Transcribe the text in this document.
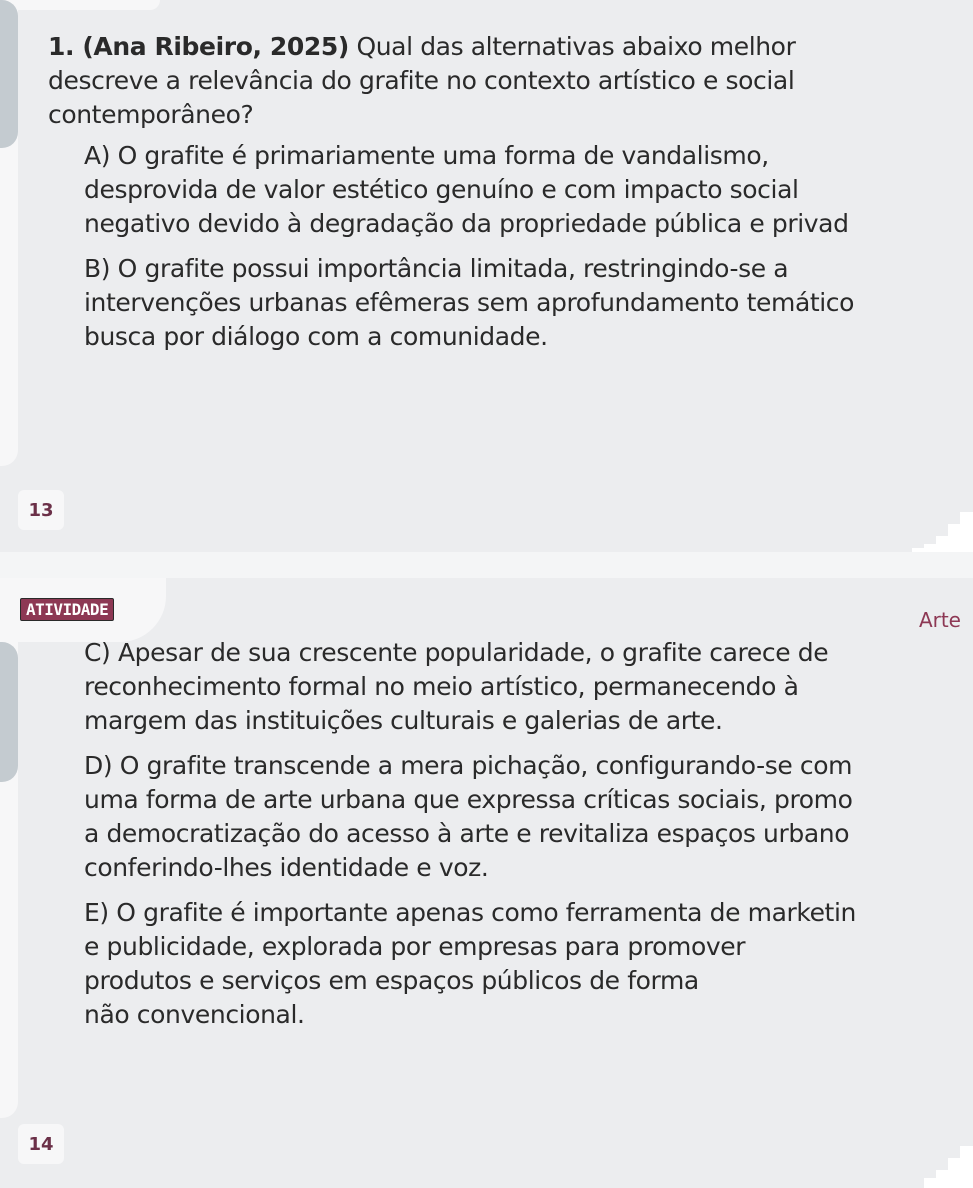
1. (Ana Ribeiro, 2025) Qual das alternativas abaixo melhor
descreve a relevância do grafite no contexto artístico e social
contemporâneo?
A) O grafite é primariamente uma forma de vandalismo,
desprovida de valor estético genuíno e com impacto social
negativo devido à degradação da propriedade pública e privad
B) O grafite possui importância limitada, restringindo-se a
intervenções urbanas efêmeras sem aprofundamento temático
busca por diálogo com a comunidade.
13
ATIVIDADE	Arte
C) Apesar de sua crescente popularidade, o grafite carece de
reconhecimento formal no meio artístico, permanecendo à
margem das instituições culturais e galerias de arte.
D) O grafite transcende a mera pichação, configurando-se com
uma forma de arte urbana que expressa críticas sociais, promo
a democratização do acesso à arte e revitaliza espaços urbano
conferindo-lhes identidade e voz.
E) O grafite é importante apenas como ferramenta de marketin
e publicidade, explorada por empresas para promover
produtos e serviços em espaços públicos de forma
não convencional.
14
